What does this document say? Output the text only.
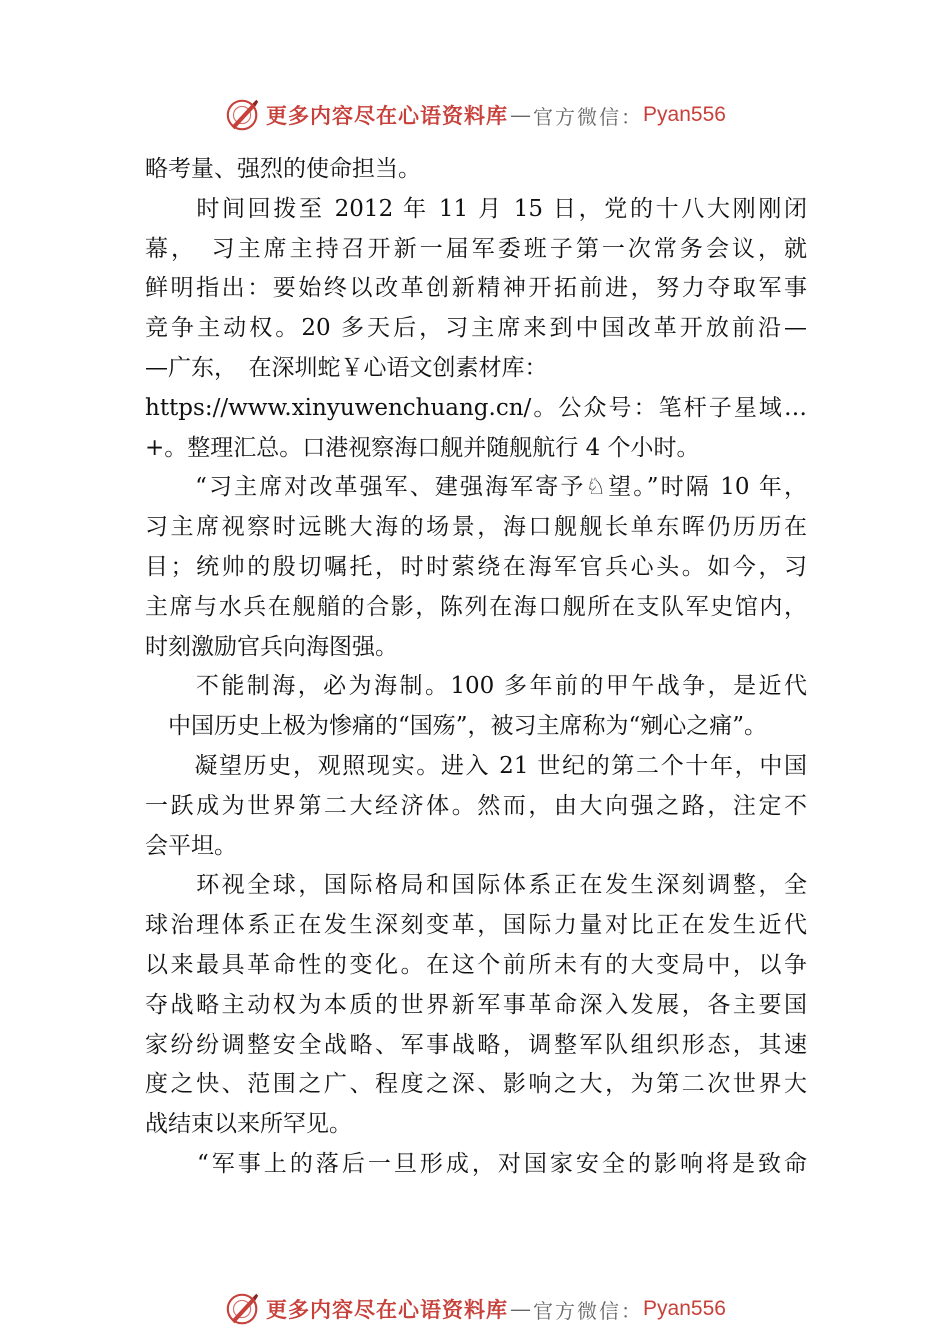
更多内容尽在心语资料库 — 官方微信： Pyan556
略考量、强烈的使命担当。
　　时间回拨至 2012 年 11 月 15 日，党的十八大刚刚闭
幕，　习主席主持召开新一届军委班子第一次常务会议，就
鲜明指出：要始终以改革创新精神开拓前进，努力夺取军事
竞争主动权。20 多天后，习主席来到中国改革开放前沿—
—广东，　在深圳蛇￥心语文创素材库：
https://www.xinyuwenchuang.cn/。公众号：笔杆子星域…
+。整理汇总。口港视察海口舰并随舰航行 4 个小时。
　　“习主席对改革强军、建强海军寄予♘望。”时隔 10 年，
习主席视察时远眺大海的场景，海口舰舰长单东晖仍历历在
目；统帅的殷切嘱托，时时萦绕在海军官兵心头。如今，习
主席与水兵在舰艏的合影，陈列在海口舰所在支队军史馆内，
时刻激励官兵向海图强。
　　不能制海，必为海制。100 多年前的甲午战争，是近代
　中国历史上极为惨痛的“国殇”，被习主席称为“剜心之痛”。
　　凝望历史，观照现实。进入 21 世纪的第二个十年，中国
一跃成为世界第二大经济体。然而，由大向强之路，注定不
会平坦。
　　环视全球，国际格局和国际体系正在发生深刻调整，全
球治理体系正在发生深刻变革，国际力量对比正在发生近代
以来最具革命性的变化。在这个前所未有的大变局中，以争
夺战略主动权为本质的世界新军事革命深入发展，各主要国
家纷纷调整安全战略、军事战略，调整军队组织形态，其速
度之快、范围之广、程度之深、影响之大，为第二次世界大
战结束以来所罕见。
　　“军事上的落后一旦形成，对国家安全的影响将是致命
更多内容尽在心语资料库 — 官方微信： Pyan556
